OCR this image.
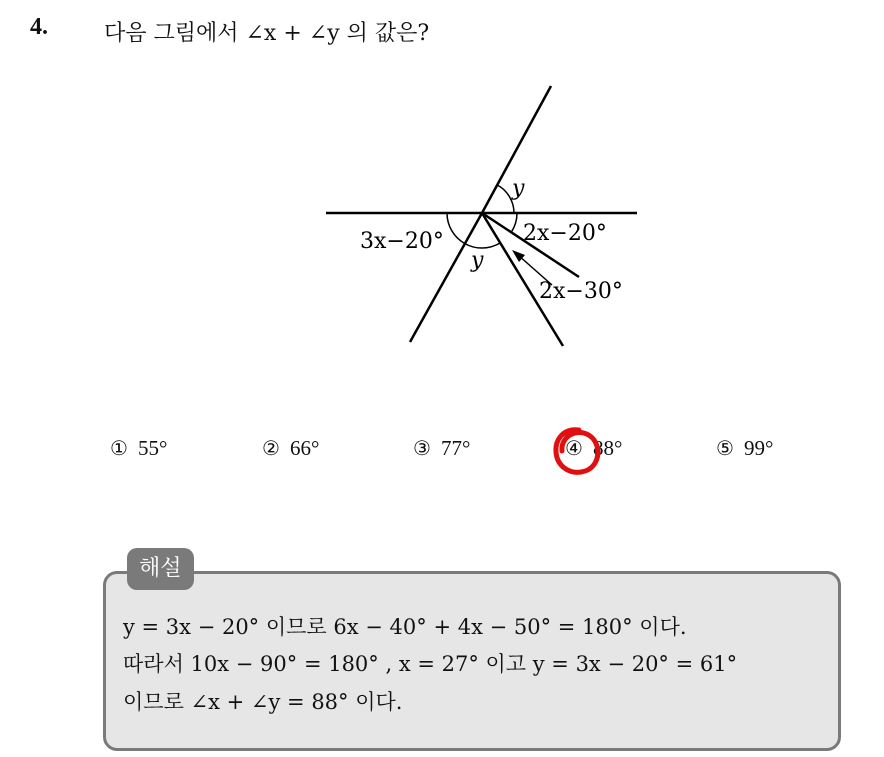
4.	다음 그림에서 ∠x + ∠y 의 값은?
y
3x−20°
y
2x−20°
2x−30°
① 55°	② 66°	③ 77°	④ 88°	⑤ 99°
해설
y = 3x − 20° 이므로 6x − 40° + 4x − 50° = 180° 이다.
따라서 10x − 90° = 180° , x = 27° 이고 y = 3x − 20° = 61°
이므로 ∠x + ∠y = 88° 이다.
